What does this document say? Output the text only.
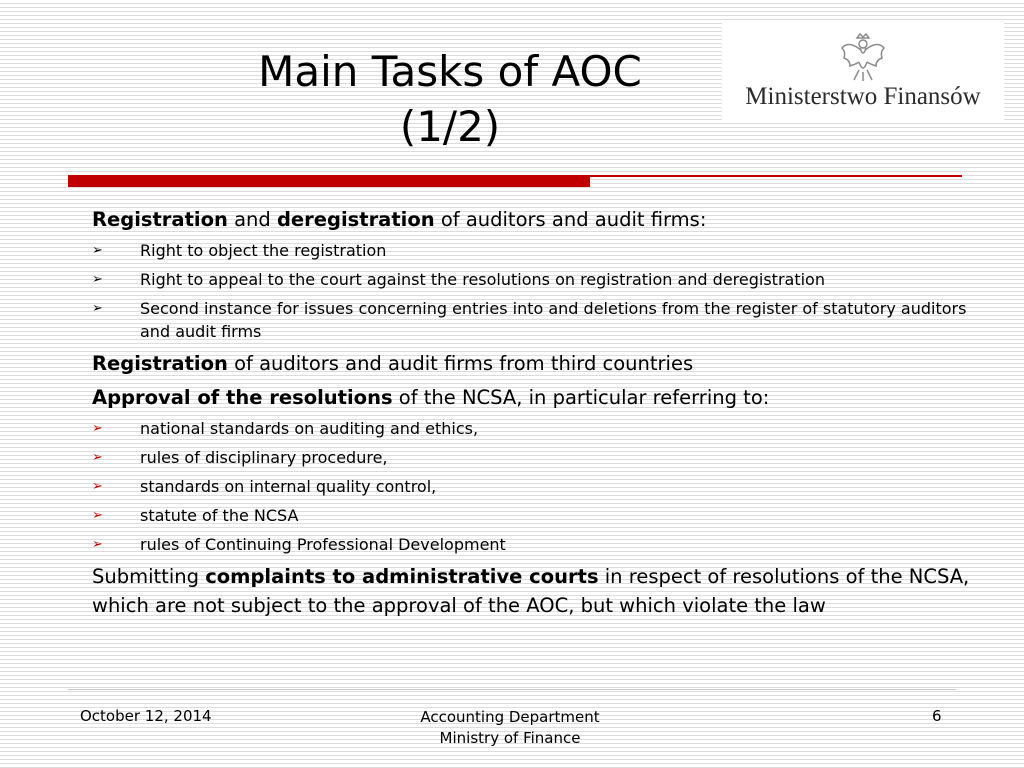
Main Tasks of AOC
(1/2)
Ministerstwo Finansów

Registration and deregistration of auditors and audit firms:

➢ Right to object the registration
➢ Right to appeal to the court against the resolutions on registration and deregistration
➢ Second instance for issues concerning entries into and deletions from the register of statutory auditors and audit firms

Registration of auditors and audit firms from third countries

Approval of the resolutions of the NCSA, in particular referring to:

➢ national standards on auditing and ethics,
➢ rules of disciplinary procedure,
➢ standards on internal quality control,
➢ statute of the NCSA
➢ rules of Continuing Professional Development

Submitting complaints to administrative courts in respect of resolutions of the NCSA, which are not subject to the approval of the AOC, but which violate the law

October 12, 2014	Accounting Department
Ministry of Finance
6
